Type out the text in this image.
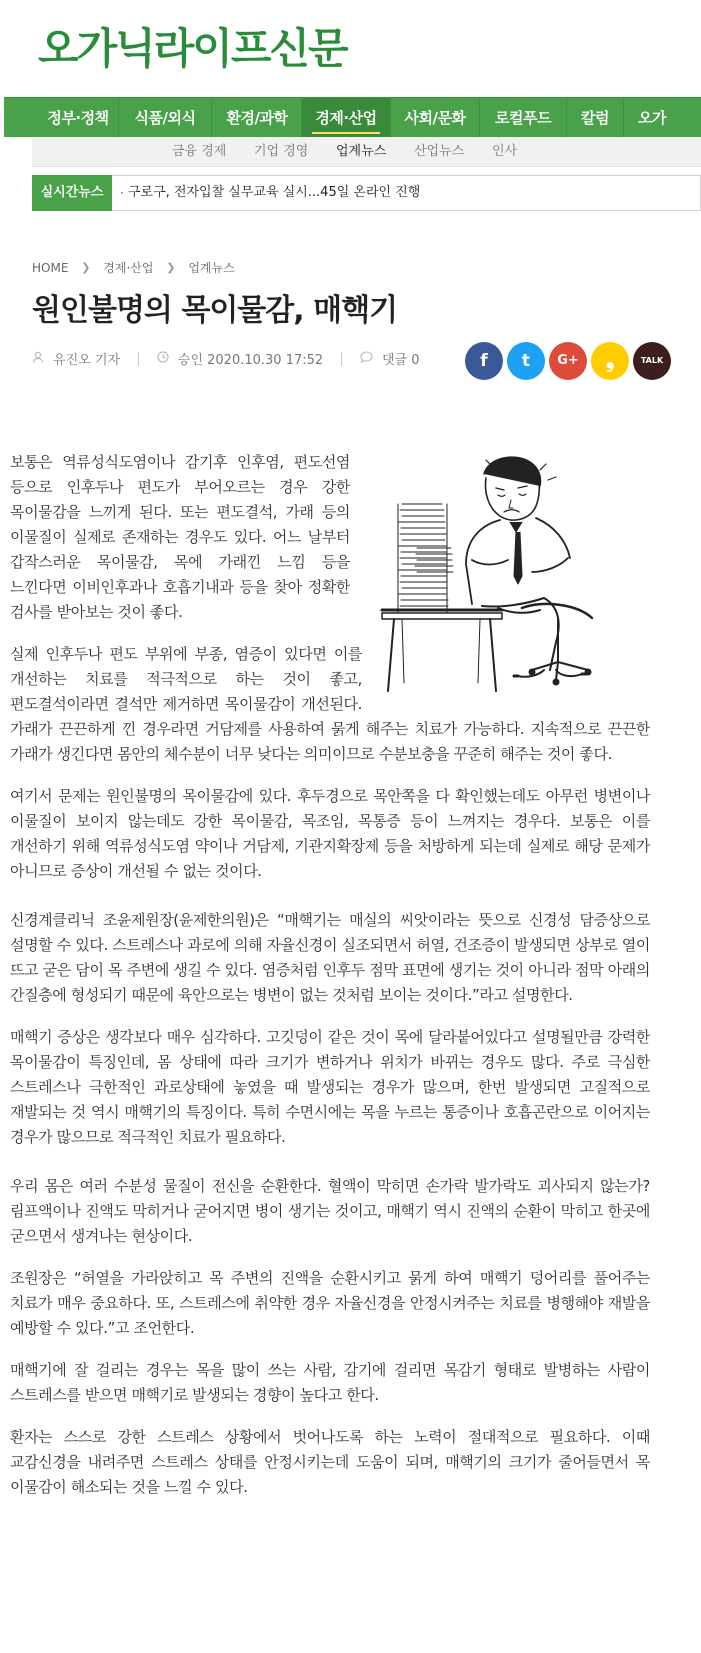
오가닉라이프신문
정부·정책	식품/외식	환경/과학	경제·산업	사회/문화	로컬푸드	칼럼	오가
금융 경제 기업 경영 업계뉴스 산업뉴스 인사
실시간뉴스	· 구로구, 전자입찰 실무교육 실시...45일 온라인 진행
HOME ❯ 경제·산업 ❯ 업계뉴스
원인불명의 목이물감, 매핵기
유진오 기자 |	승인 2020.10.30 17:52 |	댓글 0	f	t	G+	❟	TALK

보통은 역류성식도염이나 감기후 인후염, 편도선염 등으로 인후두나 편도가 부어오르는 경우 강한 목이물감을 느끼게 된다. 또는 편도결석, 가래 등의 이물질이 실제로 존재하는 경우도 있다. 어느 날부터 갑작스러운 목이물감, 목에 가래낀 느낌 등을 느낀다면 이비인후과나 호흡기내과 등을 찾아 정확한 검사를 받아보는 것이 좋다.

실제 인후두나 편도 부위에 부종, 염증이 있다면 이를 개선하는 치료를 적극적으로 하는 것이 좋고, 편도결석이라면 결석만 제거하면 목이물감이 개선된다. 가래가 끈끈하게 낀 경우라면 거담제를 사용하여 묽게 해주는 치료가 가능하다. 지속적으로 끈끈한 가래가 생긴다면 몸안의 체수분이 너무 낮다는 의미이므로 수분보충을 꾸준히 해주는 것이 좋다.

여기서 문제는 원인불명의 목이물감에 있다. 후두경으로 목안쪽을 다 확인했는데도 아무런 병변이나 이물질이 보이지 않는데도 강한 목이물감, 목조임, 목통증 등이 느껴지는 경우다. 보통은 이를 개선하기 위해 역류성식도염 약이나 거담제, 기관지확장제 등을 처방하게 되는데 실제로 해당 문제가 아니므로 증상이 개선될 수 없는 것이다.

신경계클리닉 조윤제원장(윤제한의원)은 “매핵기는 매실의 씨앗이라는 뜻으로 신경성 담증상으로 설명할 수 있다. 스트레스나 과로에 의해 자율신경이 실조되면서 허열, 건조증이 발생되면 상부로 열이 뜨고 굳은 담이 목 주변에 생길 수 있다. 염증처럼 인후두 점막 표면에 생기는 것이 아니라 점막 아래의 간질층에 형성되기 때문에 육안으로는 병변이 없는 것처럼 보이는 것이다.”라고 설명한다.

매핵기 증상은 생각보다 매우 심각하다. 고깃덩이 같은 것이 목에 달라붙어있다고 설명될만큼 강력한 목이물감이 특징인데, 몸 상태에 따라 크기가 변하거나 위치가 바뀌는 경우도 많다. 주로 극심한 스트레스나 극한적인 과로상태에 놓였을 때 발생되는 경우가 많으며, 한번 발생되면 고질적으로 재발되는 것 역시 매핵기의 특징이다. 특히 수면시에는 목을 누르는 통증이나 호흡곤란으로 이어지는 경우가 많으므로 적극적인 치료가 필요하다.

우리 몸은 여러 수분성 물질이 전신을 순환한다. 혈액이 막히면 손가락 발가락도 괴사되지 않는가? 림프액이나 진액도 막히거나 굳어지면 병이 생기는 것이고, 매핵기 역시 진액의 순환이 막히고 한곳에 굳으면서 생겨나는 현상이다.

조원장은 “허열을 가라앉히고 목 주변의 진액을 순환시키고 묽게 하여 매핵기 덩어리를 풀어주는 치료가 매우 중요하다. 또, 스트레스에 취약한 경우 자율신경을 안정시켜주는 치료를 병행해야 재발을 예방할 수 있다.”고 조언한다.

매핵기에 잘 걸리는 경우는 목을 많이 쓰는 사람, 감기에 걸리면 목감기 형태로 발병하는 사람이 스트레스를 받으면 매핵기로 발생되는 경향이 높다고 한다.

환자는 스스로 강한 스트레스 상황에서 벗어나도록 하는 노력이 절대적으로 필요하다. 이때 교감신경을 내려주면 스트레스 상태를 안정시키는데 도움이 되며, 매핵기의 크기가 줄어들면서 목 이물감이 해소되는 것을 느낄 수 있다.
